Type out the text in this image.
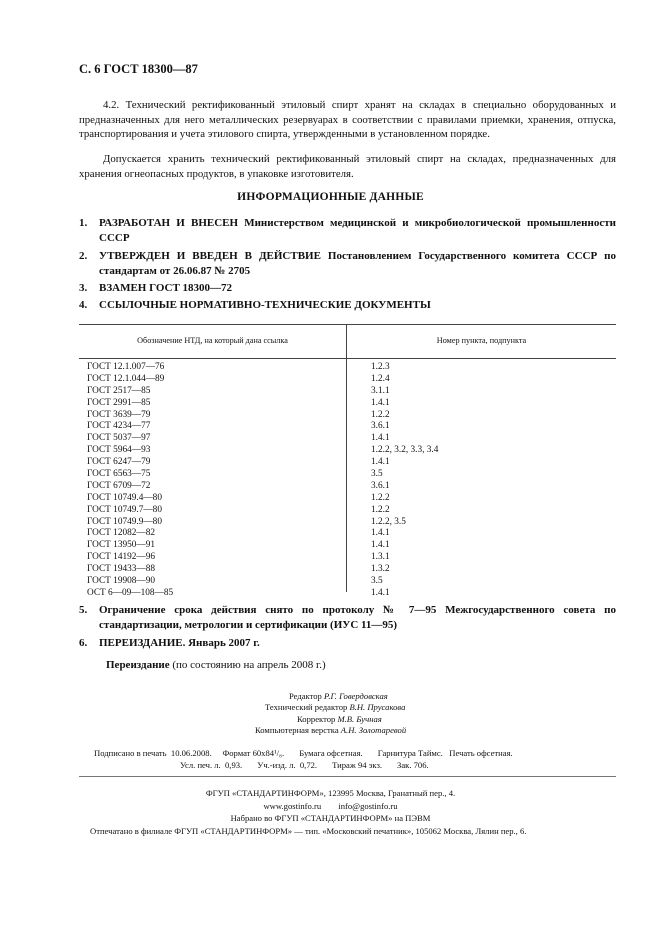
С. 6 ГОСТ 18300—87
4.2. Технический ректификованный этиловый спирт хранят на складах в специально оборудованных и предназначенных для него металлических резервуарах в соответствии с правилами приемки, хранения, отпуска, транспортирования и учета этилового спирта, утвержденными в установленном порядке.
Допускается хранить технический ректификованный этиловый спирт на складах, предназначенных для хранения огнеопасных продуктов, в упаковке изготовителя.
ИНФОРМАЦИОННЫЕ ДАННЫЕ
1. РАЗРАБОТАН И ВНЕСЕН Министерством медицинской и микробиологической промышленности СССР
2. УТВЕРЖДЕН И ВВЕДЕН В ДЕЙСТВИЕ Постановлением Государственного комитета СССР по стандартам от 26.06.87 № 2705
3. ВЗАМЕН ГОСТ 18300—72
4. ССЫЛОЧНЫЕ НОРМАТИВНО-ТЕХНИЧЕСКИЕ ДОКУМЕНТЫ
Обозначение НТД, на который дана ссылка	Номер пункта, подпункта
ГОСТ 12.1.007—76	1.2.3
ГОСТ 12.1.044—89	1.2.4
ГОСТ 2517—85	3.1.1
ГОСТ 2991—85	1.4.1
ГОСТ 3639—79	1.2.2
ГОСТ 4234—77	3.6.1
ГОСТ 5037—97	1.4.1
ГОСТ 5964—93	1.2.2, 3.2, 3.3, 3.4
ГОСТ 6247—79	1.4.1
ГОСТ 6563—75	3.5
ГОСТ 6709—72	3.6.1
ГОСТ 10749.4—80	1.2.2
ГОСТ 10749.7—80	1.2.2
ГОСТ 10749.9—80	1.2.2, 3.5
ГОСТ 12082—82	1.4.1
ГОСТ 13950—91	1.4.1
ГОСТ 14192—96	1.3.1
ГОСТ 19433—88	1.3.2
ГОСТ 19908—90	3.5
ОСТ 6—09—108—85	1.4.1
5. Ограничение срока действия снято по протоколу № 7—95 Межгосударственного совета по стандартизации, метрологии и сертификации (ИУС 11—95)
6. ПЕРЕИЗДАНИЕ. Январь 2007 г.
Переиздание (по состоянию на апрель 2008 г.)
Редактор Р.Г. Говердовская
Технический редактор В.Н. Прусакова
Корректор М.В. Бучная
Компьютерная верстка А.Н. Золотаревой
Подписано в печать  10.06.2008.     Формат 60х84¹/₈.       Бумага офсетная.       Гарнитура Таймс.   Печать офсетная.
Усл. печ. л.  0,93.       Уч.-изд. л.  0,72.       Тираж 94 экз.       Зак. 706.
ФГУП «СТАНДАРТИНФОРМ», 123995 Москва, Гранатный пер., 4.
www.gostinfo.ru        info@gostinfo.ru
Набрано во ФГУП «СТАНДАРТИНФОРМ» на ПЭВМ
Отпечатано в филиале ФГУП «СТАНДАРТИНФОРМ» — тип. «Московский печатник», 105062 Москва, Лялин пер., 6.
